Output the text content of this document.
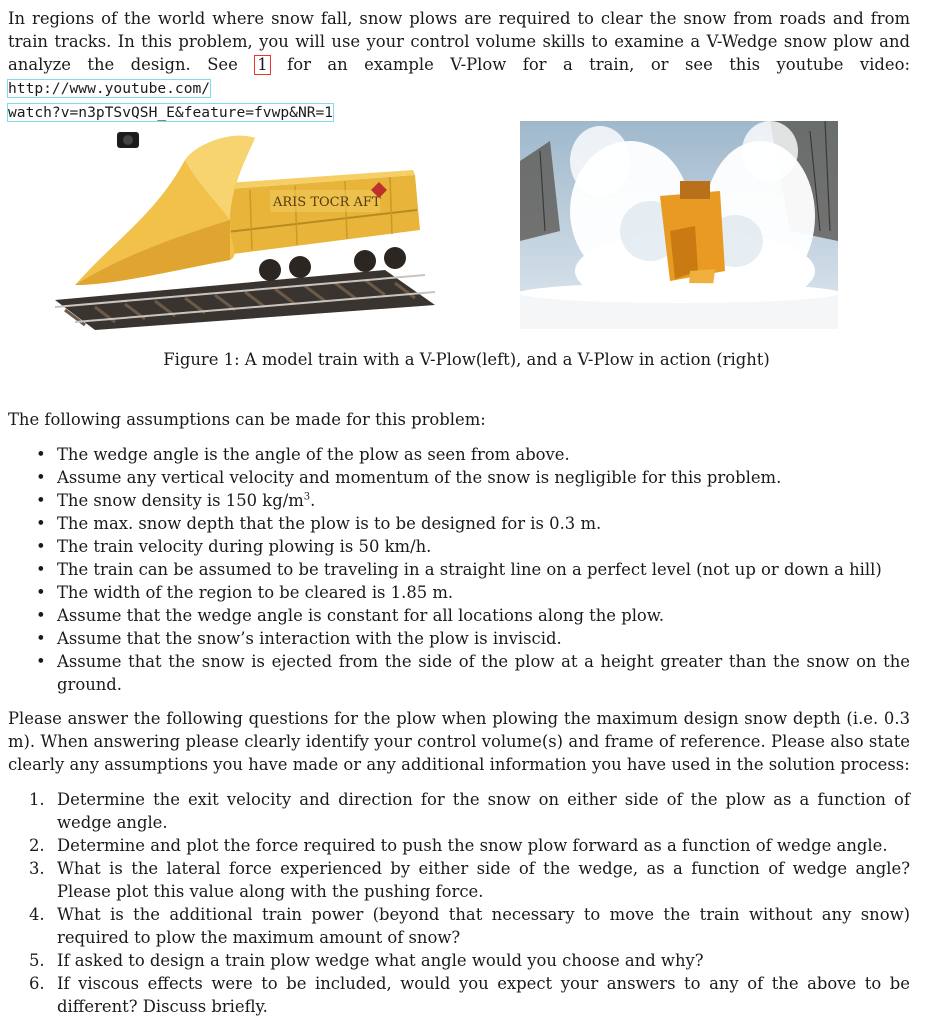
In regions of the world where snow fall, snow plows are required to clear the snow from roads and from train tracks. In this problem, you will use your control volume skills to examine a V-Wedge snow plow and analyze the design. See 1 for an example V-Plow for a train, or see this youtube video: http://www.youtube.com/
watch?v=n3pTSvQSH_E&feature=fvwp&NR=1
ARIS TOCR AFT
Figure 1: A model train with a V-Plow(left), and a V-Plow in action (right)
The following assumptions can be made for this problem:
• The wedge angle is the angle of the plow as seen from above.
• Assume any vertical velocity and momentum of the snow is negligible for this problem.
• The snow density is 150 $kg/m^3$.
• The max. snow depth that the plow is to be designed for is 0.3 m.
• The train velocity during plowing is 50 km/h.
• The train can be assumed to be traveling in a straight line on a perfect level (not up or down a hill)
• The width of the region to be cleared is 1.85 m.
• Assume that the wedge angle is constant for all locations along the plow.
• Assume that the snow’s interaction with the plow is inviscid.
• Assume that the snow is ejected from the side of the plow at a height greater than the snow on the ground.
Please answer the following questions for the plow when plowing the maximum design snow depth (i.e. 0.3 m). When answering please clearly identify your control volume(s) and frame of reference. Please also state clearly any assumptions you have made or any additional information you have used in the solution process:
1. Determine the exit velocity and direction for the snow on either side of the plow as a function of wedge angle.
2. Determine and plot the force required to push the snow plow forward as a function of wedge angle.
3. What is the lateral force experienced by either side of the wedge, as a function of wedge angle? Please plot this value along with the pushing force.
4. What is the additional train power (beyond that necessary to move the train without any snow) required to plow the maximum amount of snow?
5. If asked to design a train plow wedge what angle would you choose and why?
6. If viscous effects were to be included, would you expect your answers to any of the above to be different? Discuss briefly.
